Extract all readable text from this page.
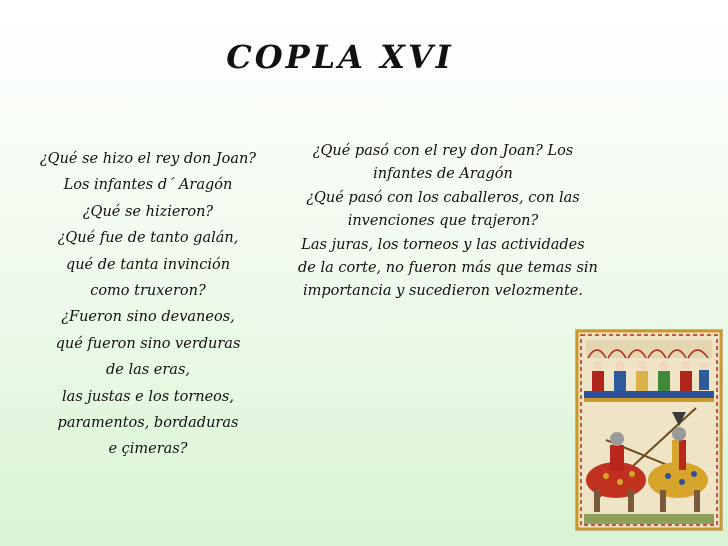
COPLA XVI
¿Qué se hizo el rey don Joan?
Los infantes d´ Aragón
¿Qué se hizieron?
¿Qué fue de tanto galán,
qué de tanta invinción
como truxeron?
¿Fueron sino devaneos,
qué fueron sino verduras
de las eras,
las justas e los torneos,
paramentos, bordaduras
e çimeras?
¿Qué pasó con el rey don Joan? Los
infantes de Aragón
¿Qué pasó con los caballeros, con las
invenciones que trajeron?
Las juras, los torneos y las actividades
de la corte, no fueron más que temas sin
importancia y sucedieron velozmente.
